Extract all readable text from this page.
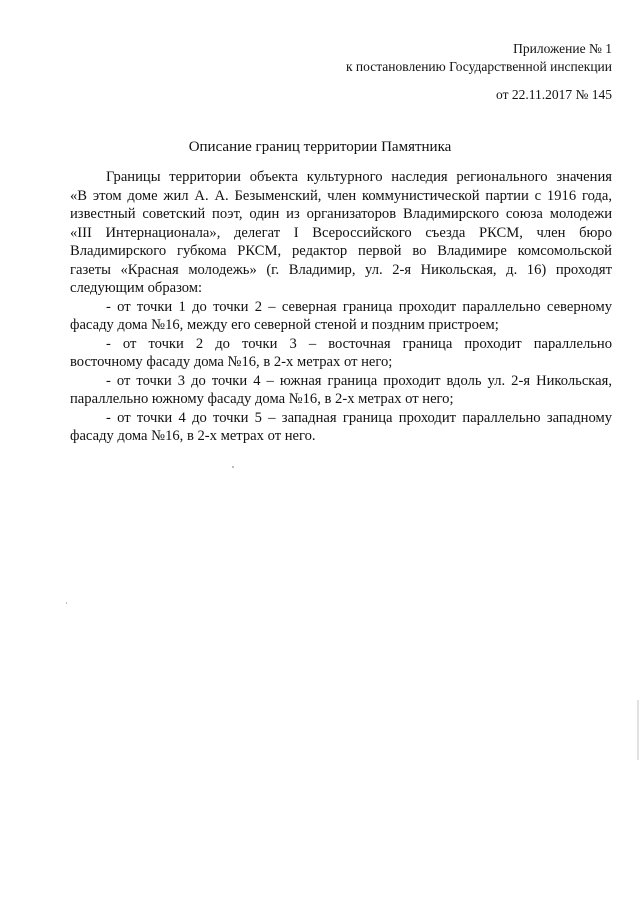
Приложение № 1
к постановлению Государственной инспекции
от 22.11.2017 № 145
Описание границ территории Памятника
Границы территории объекта культурного наследия регионального значения
«В этом доме жил А. А. Безыменский, член коммунистической партии с 1916 года,
известный советский поэт, один из организаторов Владимирского союза молодежи
«III Интернационала», делегат I Всероссийского съезда РКСМ, член бюро
Владимирского губкома РКСМ, редактор первой во Владимире комсомольской
газеты «Красная молодежь» (г. Владимир, ул. 2-я Никольская, д. 16) проходят
следующим образом:
- от точки 1 до точки 2 – северная граница проходит параллельно северному
фасаду дома №16, между его северной стеной и поздним пристроем;
- от точки 2 до точки 3 – восточная граница проходит параллельно
восточному фасаду дома №16, в 2-х метрах от него;
- от точки 3 до точки 4 – южная граница проходит вдоль ул. 2-я Никольская,
параллельно южному фасаду дома №16, в 2-х метрах от него;
- от точки 4 до точки 5 – западная граница проходит параллельно западному
фасаду дома №16, в 2-х метрах от него.
